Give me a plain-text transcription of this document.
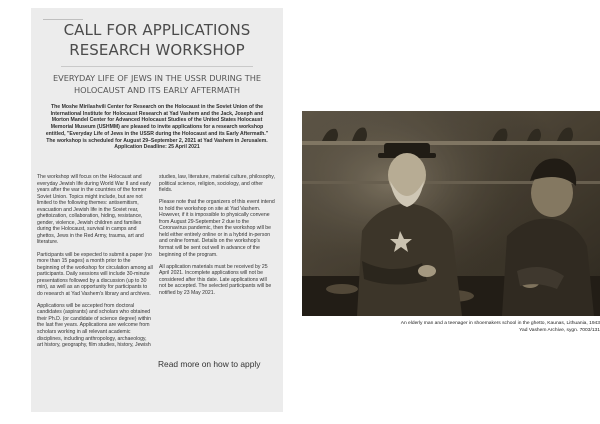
CALL FOR APPLICATIONS
RESEARCH WORKSHOP
EVERYDAY LIFE OF JEWS IN THE USSR DURING THE
HOLOCAUST AND ITS EARLY AFTERMATH
The Moshe Mirilashvili Center for Research on the Holocaust in the Soviet Union of the International Institute for Holocaust Research at Yad Vashem and the Jack, Joseph and Morton Mandel Center for Advanced Holocaust Studies of the United States Holocaust Memorial Museum (USHMM) are pleased to invite applications for a research workshop entitled, "Everyday Life of Jews in the USSR during the Holocaust and its Early Aftermath." The workshop is scheduled for August 29–September 2, 2021 at Yad Vashem in Jerusalem. Application Deadline: 25 April 2021

The workshop will focus on the Holocaust and everyday Jewish life during World War II and early years after the war in the countries of the former Soviet Union. Topics might include, but are not limited to the following themes: antisemitism, evacuation and Jewish life in the Soviet rear, ghettoization, collaboration, hiding, resistance, gender, violence, Jewish children and families during the Holocaust, survival in camps and ghettos, Jews in the Red Army, trauma, art and literature.

Participants will be expected to submit a paper (no more than 15 pages) a month prior to the beginning of the workshop for circulation among all participants. Daily sessions will include 30-minute presentations followed by a discussion (up to 30 min), as well as an opportunity for participants to do research at Yad Vashem's library and archives.

Applications will be accepted from doctoral candidates (aspirants) and scholars who obtained their Ph.D. (or candidate of science degree) within the last five years. Applications are welcome from scholars working in all relevant academic disciplines, including anthropology, archaeology, art history, geography, film studies, history, Jewish

studies, law, literature, material culture, philosophy, political science, religion, sociology, and other fields.

Please note that the organizers of this event intend to hold the workshop on site at Yad Vashem. However, if it is impossible to physically convene from August 29-September 2 due to the Coronavirus pandemic, then the workshop will be held either entirely online or in a hybrid in-person and online format. Details on the workshop's format will be sent out well in advance of the beginning of the program.

All application materials must be received by 25 April 2021. Incomplete applications will not be considered after this date. Late applications will not be accepted. The selected participants will be notified by 23 May 2021.

Read more on how to apply
An elderly man and a teenager in shoemakers school in the ghetto, Kaunas, Lithuania, 1943
Yad Vashem Archive, sygn. 7003/131
